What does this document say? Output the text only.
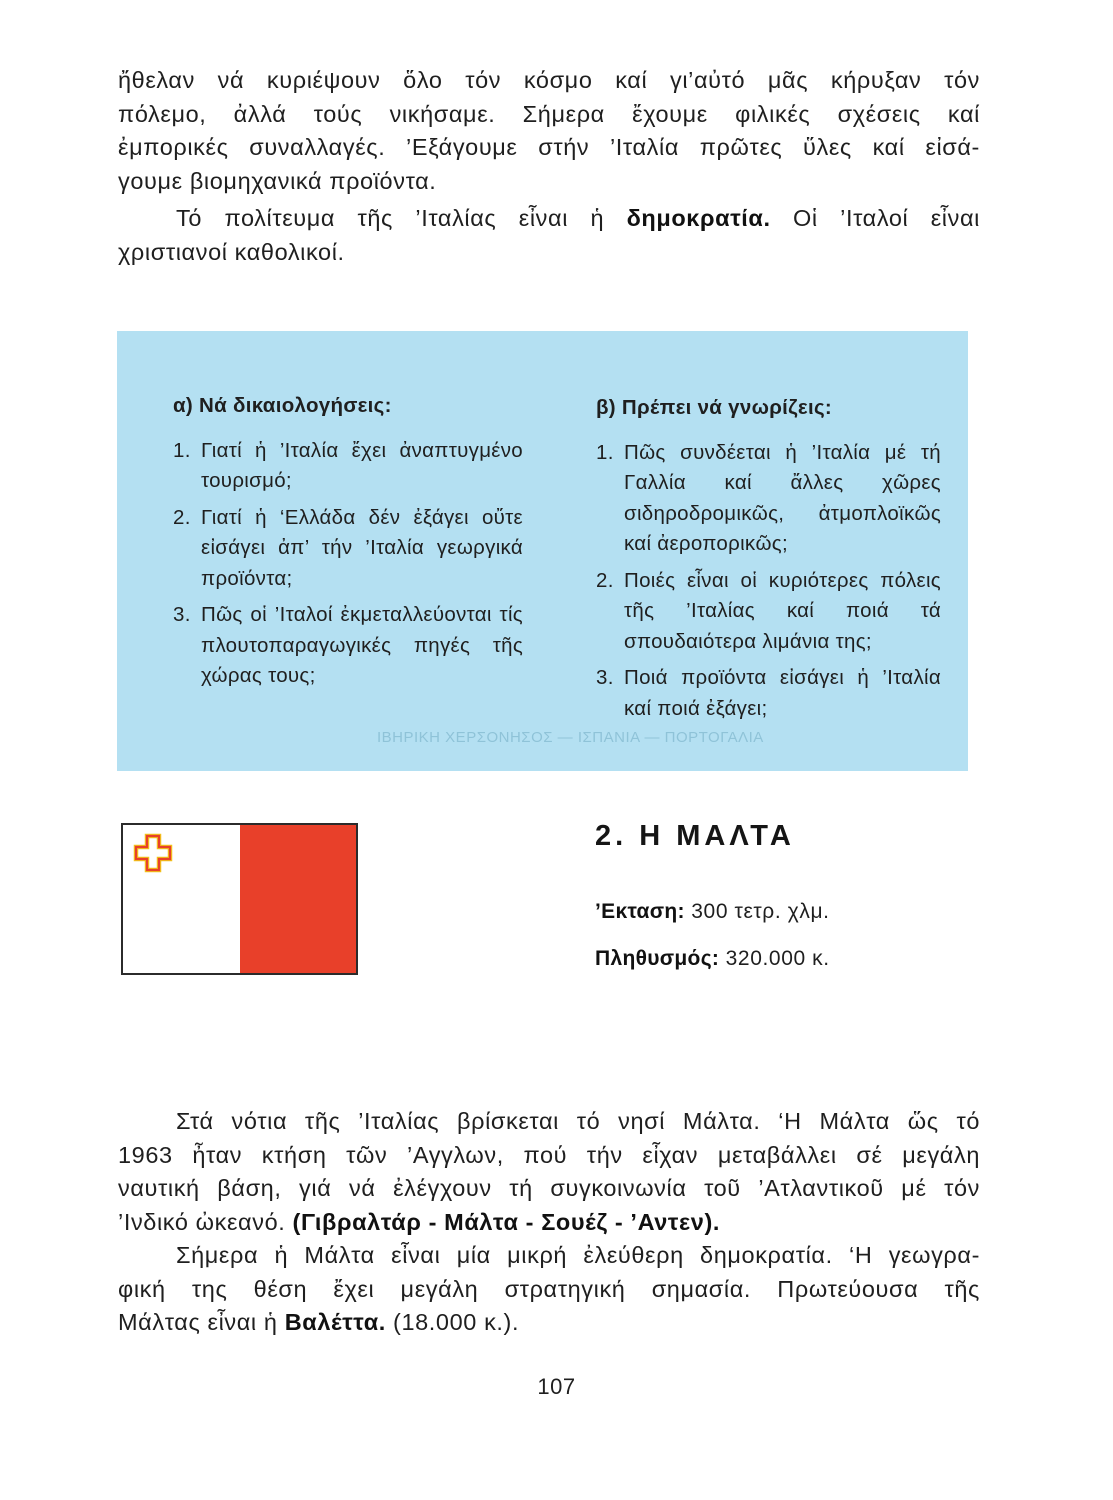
ἤθελαν νά κυριέψουν ὅλο τόν κόσμο καί γι’αὐτό μᾶς κήρυξαν τόν
πόλεμο, ἀλλά τούς νικήσαμε. Σήμερα ἔχουμε φιλικές σχέσεις καί
ἐμπορικές συναλλαγές. ’Εξάγουμε στήν ’Ιταλία πρῶτες ὕλες καί εἰσά-
γουμε βιομηχανικά προϊόντα.

Τό πολίτευμα τῆς ’Ιταλίας εἶναι ἡ δημοκρατία. Οἱ ’Ιταλοί εἶναι
χριστιανοί καθολικοί.

ΙΒΗΡΙΚΗ ΧΕΡΣΟΝΗΣΟΣ — ΙΣΠΑΝΙΑ — ΠΟΡΤΟΓΑΛΙΑ
α) Νά δικαιολογήσεις:
1. Γιατί ἡ ’Ιταλία ἔχει ἀναπτυγμένο τουρισμό;
2. Γιατί ἡ ‘Ελλάδα δέν ἐξάγει οὔτε εἰσάγει ἀπ’ τήν ’Ιταλία γεωργικά προϊόντα;
3. Πῶς οἱ ’Ιταλοί ἐκμεταλλεύονται τίς πλουτοπαραγωγικές πηγές τῆς χώρας τους;
β) Πρέπει νά γνωρίζεις:
1. Πῶς συνδέεται ἡ ’Ιταλία μέ τή Γαλλία καί ἄλλες χῶρες σιδηροδρομικῶς, ἀτμοπλοϊκῶς καί ἀεροπορικῶς;
2. Ποιές εἶναι οἱ κυριότερες πόλεις τῆς ’Ιταλίας καί ποιά τά σπουδαιότερα λιμάνια της;
3. Ποιά προϊόντα εἰσάγει ἡ ’Ιταλία καί ποιά ἐξάγει;
2. Η ΜΑΛΤΑ
’Εκταση: 300 τετρ. χλμ.
Πληθυσμός: 320.000 κ.

Στά νότια τῆς ’Ιταλίας βρίσκεται τό νησί Μάλτα. ‘Η Μάλτα ὥς τό
1963 ἦταν κτήση τῶν ’Αγγλων, πού τήν εἶχαν μεταβάλλει σέ μεγάλη
ναυτική βάση, γιά νά ἐλέγχουν τή συγκοινωνία τοῦ ’Ατλαντικοῦ μέ τόν
’Ινδικό ὠκεανό. (Γιβραλτάρ - Μάλτα - Σουέζ - ’Αντεν).

Σήμερα ἡ Μάλτα εἶναι μία μικρή ἐλεύθερη δημοκρατία. ‘Η γεωγρα-
φική της θέση ἔχει μεγάλη στρατηγική σημασία. Πρωτεύουσα τῆς
Μάλτας εἶναι ἡ Βαλέττα. (18.000 κ.).

107
